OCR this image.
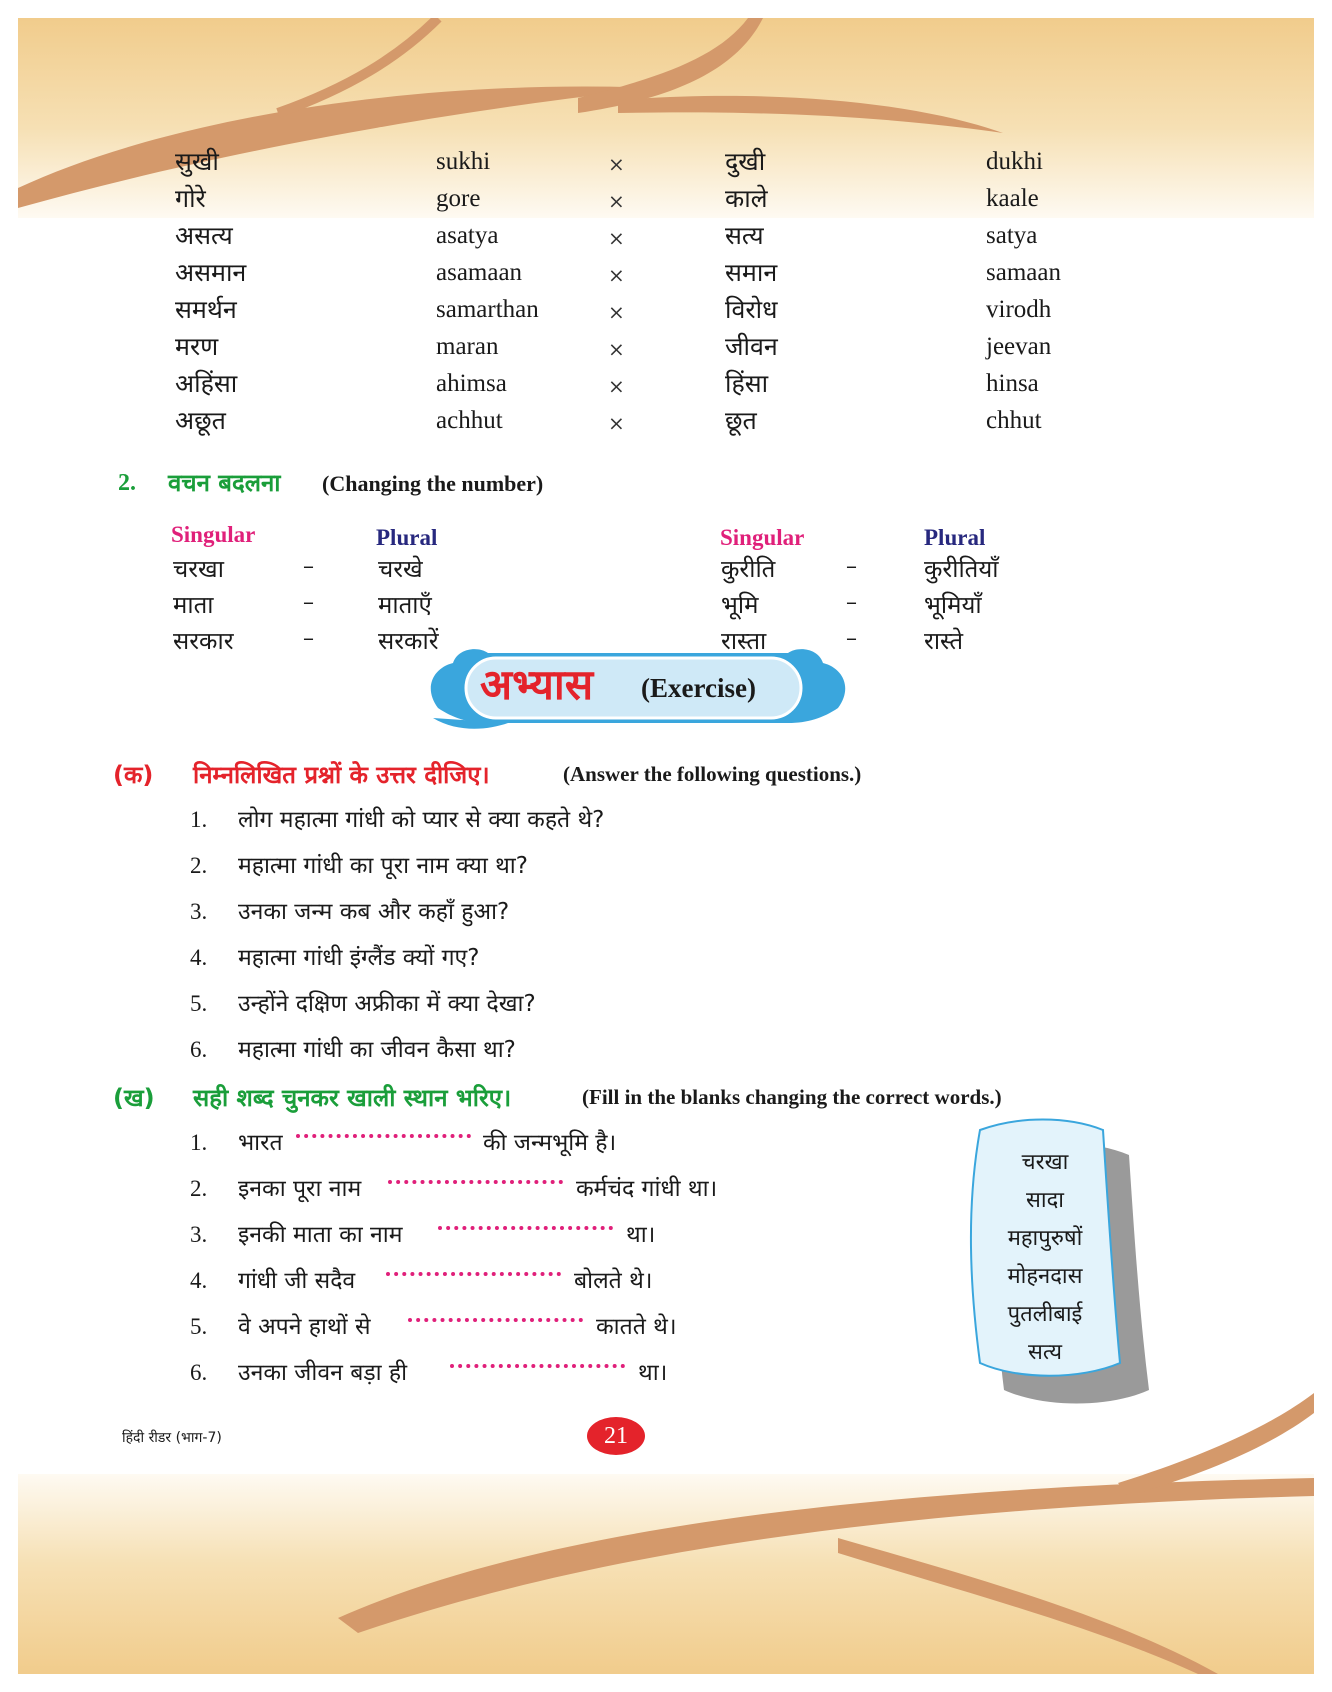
सुखी	sukhi	×	दुखी	dukhi
गोरे	gore	×	काले	kaale
असत्य	asatya	×	सत्य	satya
असमान	asamaan	×	समान	samaan
समर्थन	samarthan	×	विरोध	virodh
मरण	maran	×	जीवन	jeevan
अहिंसा	ahimsa	×	हिंसा	hinsa
अछूत	achhut	×	छूत	chhut
2. वचन बदलना (Changing the number)
Singular	Plural	Singular	Plural
चरखा	–	चरखे
माता	–	माताएँ
सरकार	–	सरकारें
कुरीति	–	कुरीतियाँ
भूमि	–	भूमियाँ
रास्ता	–	रास्ते
अभ्यास (Exercise)
(क) निम्नलिखित प्रश्नों के उत्तर दीजिए।	(Answer the following questions.)
1. लोग महात्मा गांधी को प्यार से क्या कहते थे?
2. महात्मा गांधी का पूरा नाम क्या था?
3. उनका जन्म कब और कहाँ हुआ?
4. महात्मा गांधी इंग्लैंड क्यों गए?
5. उन्होंने दक्षिण अफ्रीका में क्या देखा?
6. महात्मा गांधी का जीवन कैसा था?
(ख) सही शब्द चुनकर खाली स्थान भरिए।	(Fill in the blanks changing the correct words.)
1. भारत	की जन्मभूमि है।
2. इनका पूरा नाम	कर्मचंद गांधी था।
3. इनकी माता का नाम	था।
4. गांधी जी सदैव	बोलते थे।
5. वे अपने हाथों से	कातते थे।
6. उनका जीवन बड़ा ही	था।
चरखा
सादा
महापुरुषों
मोहनदास
पुतलीबाई
सत्य
हिंदी रीडर (भाग-7)	21
